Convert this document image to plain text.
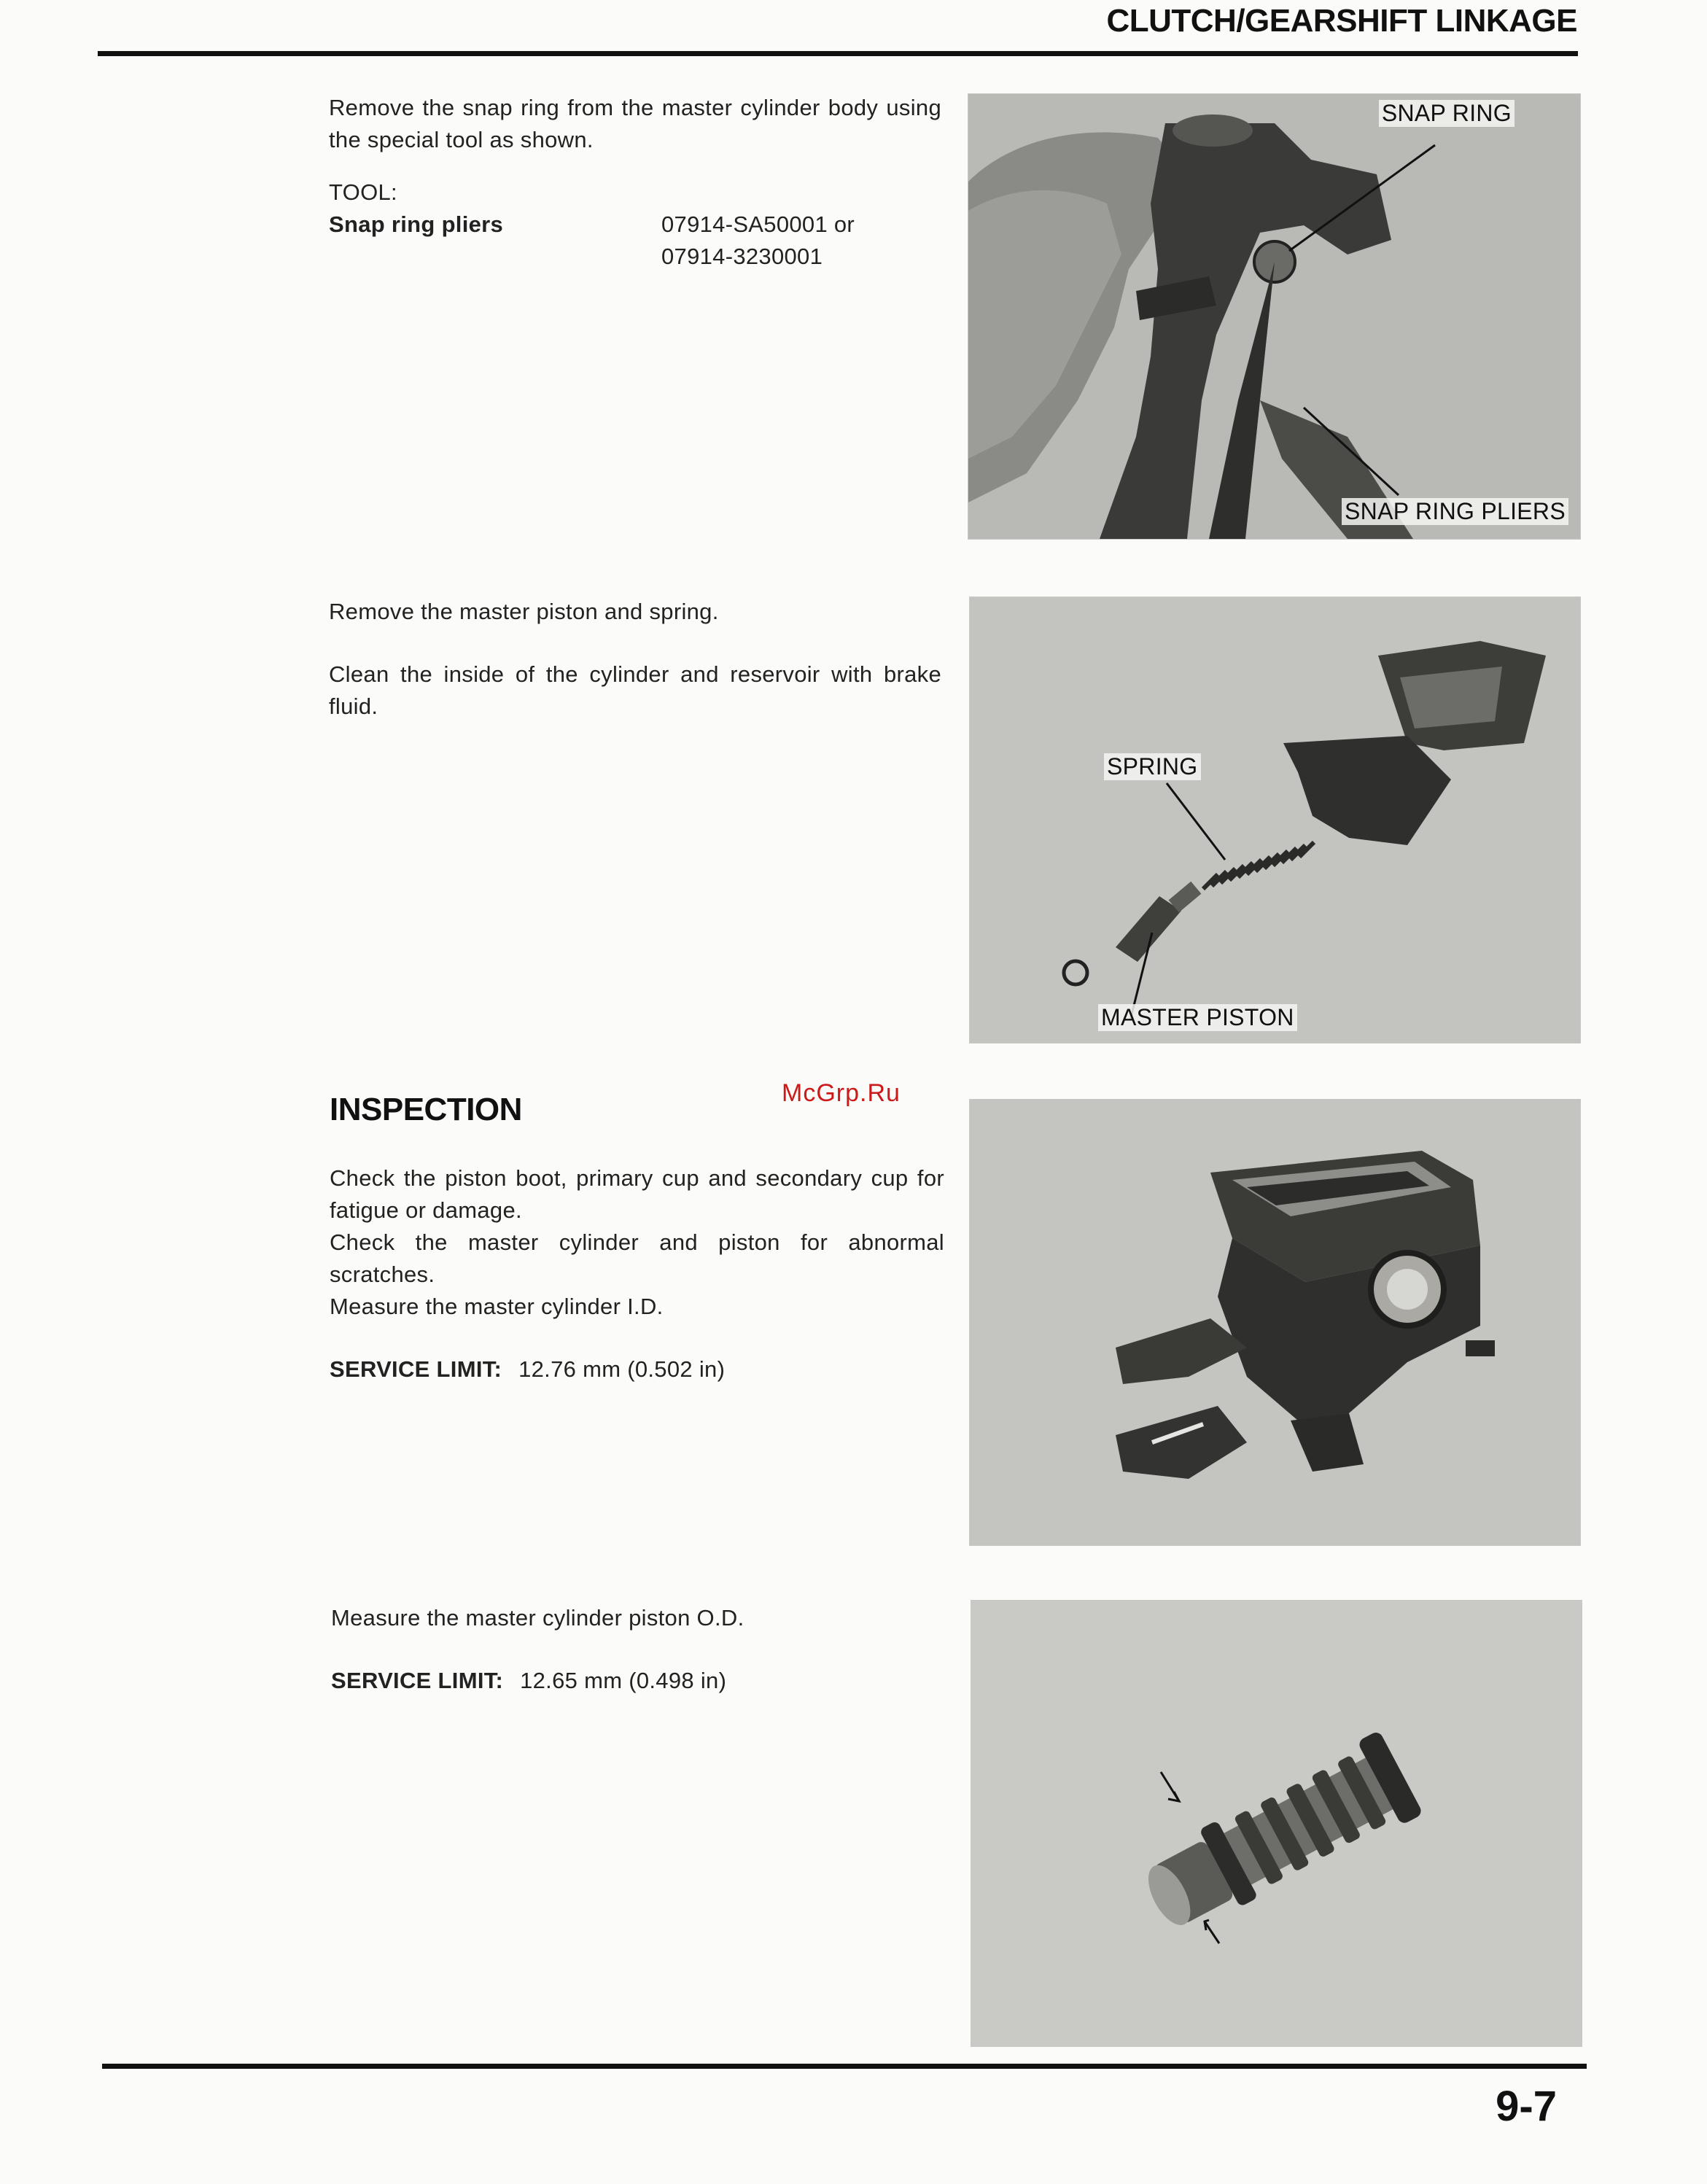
CLUTCH/GEARSHIFT LINKAGE

Remove the snap ring from the master cylinder body using the special tool as shown.

TOOL:

Snap ring pliers	07914-SA50001 or
07914-3230001
SNAP RING
SNAP RING PLIERS

Remove the master piston and spring.

Clean the inside of the cylinder and reservoir with brake fluid.

SPRING
MASTER PISTON
McGrp.Ru
INSPECTION

Check the piston boot, primary cup and secondary cup for fatigue or damage.

Check the master cylinder and piston for abnormal scratches.

Measure the master cylinder I.D.

SERVICE LIMIT: 12.76 mm (0.502 in)

Measure the master cylinder piston O.D.

SERVICE LIMIT: 12.65 mm (0.498 in)

9-7
